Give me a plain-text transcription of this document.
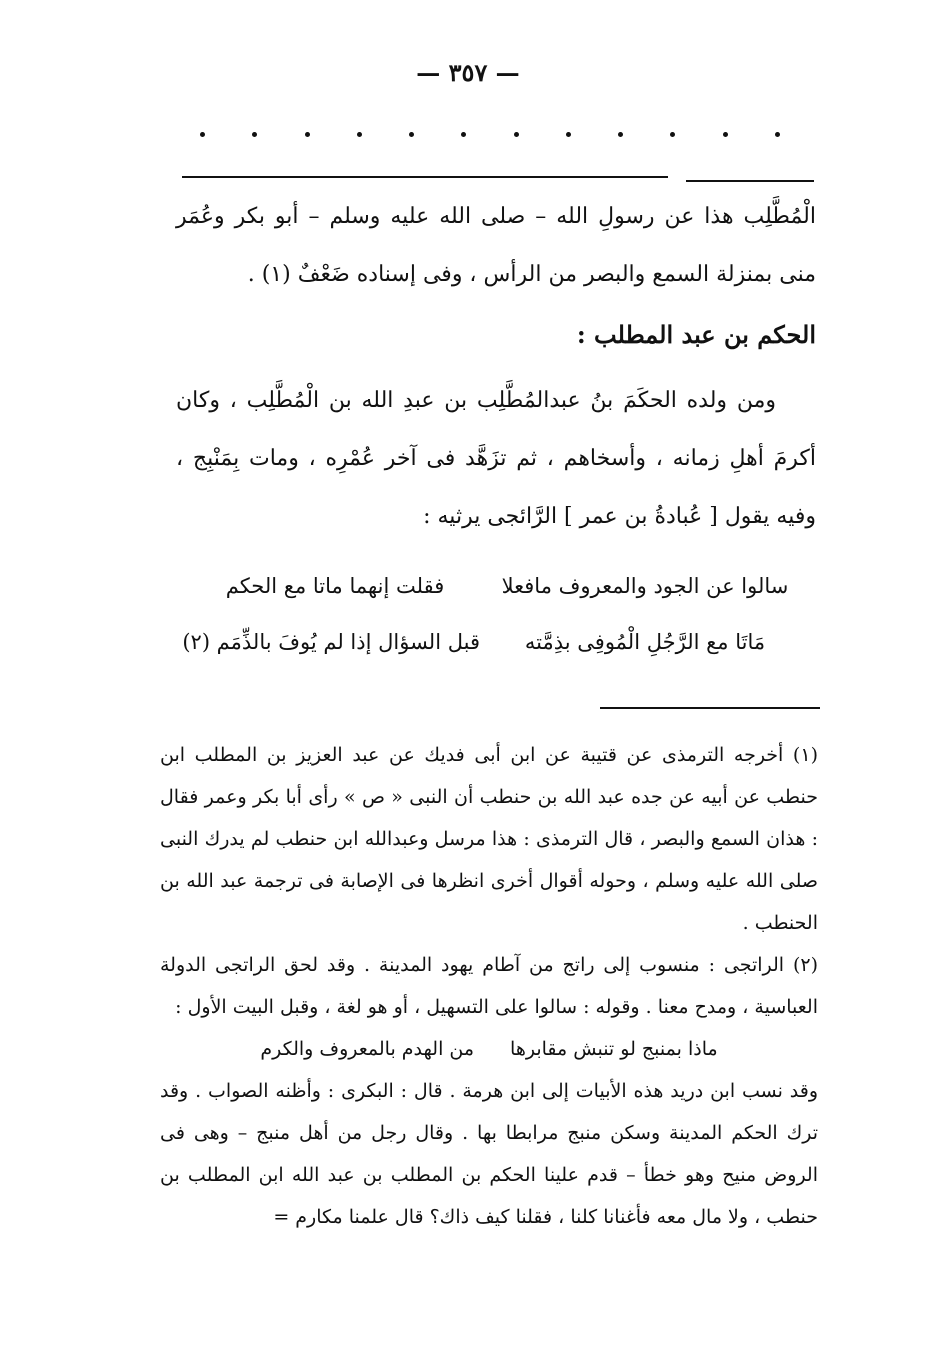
— ٣٥٧ —

الْمُطَّلِب هذا عن رسولِ الله – صلى الله عليه وسلم – أبو بكر وعُمَر منى بمنزلة السمع والبصر من الرأس ، وفى إسناده ضَعْفٌ (١) .

الحكم بن عبد المطلب :

ومن ولده الحكَمَ بنُ عبدالمُطَّلِب بن عبدِ الله بن الْمُطَّلِب ، وكان أكرمَ أهلِ زمانه ، وأسخاهم ، ثم تزَهَّد فى آخر عُمْرِه ، ومات بِمَنْبِج ، وفيه يقول [ عُبادةُ بن عمر ] الرَّائجى يرثيه :

سالوا عن الجود والمعروف مافعلا
فقلت إنهما ماتا مع الحكم
مَاتَا مع الرَّجُلِ الْمُوفِى بذِمَّته
قبل السؤال إذا لم يُوفَ بالذِّمَم (٢)

(١) أخرجه الترمذى عن قتيبة عن ابن أبى فديك عن عبد العزيز بن المطلب ابن حنطب عن أبيه عن جده عبد الله بن حنطب أن النبى « ص » رأى أبا بكر وعمر فقال : هذان السمع والبصر ، قال الترمذى : هذا مرسل وعبدالله ابن حنطب لم يدرك النبى صلى الله عليه وسلم ، وحوله أقوال أخرى انظرها فى الإصابة فى ترجمة عبد الله بن الحنطب .

(٢) الراتجى : منسوب إلى راتج من آطام يهود المدينة . وقد لحق الراتجى الدولة العباسية ، ومدح معنا . وقوله : سالوا على التسهيل ، أو هو لغة ، وقبل البيت الأول :

ماذا بمنبج لو تنبش مقابرها
من الهدم بالمعروف والكرم

وقد نسب ابن دريد هذه الأبيات إلى ابن هرمة . قال : البكرى : وأظنه الصواب . وقد ترك الحكم المدينة وسكن منبج مرابطا بها . وقال رجل من أهل منبج – وهى فى الروض منيح وهو خطأ – قدم علينا الحكم بن المطلب بن عبد الله ابن المطلب بن حنطب ، ولا مال معه فأغنانا كلنا ، فقلنا كيف ذاك؟ قال علمنا مكارم =
